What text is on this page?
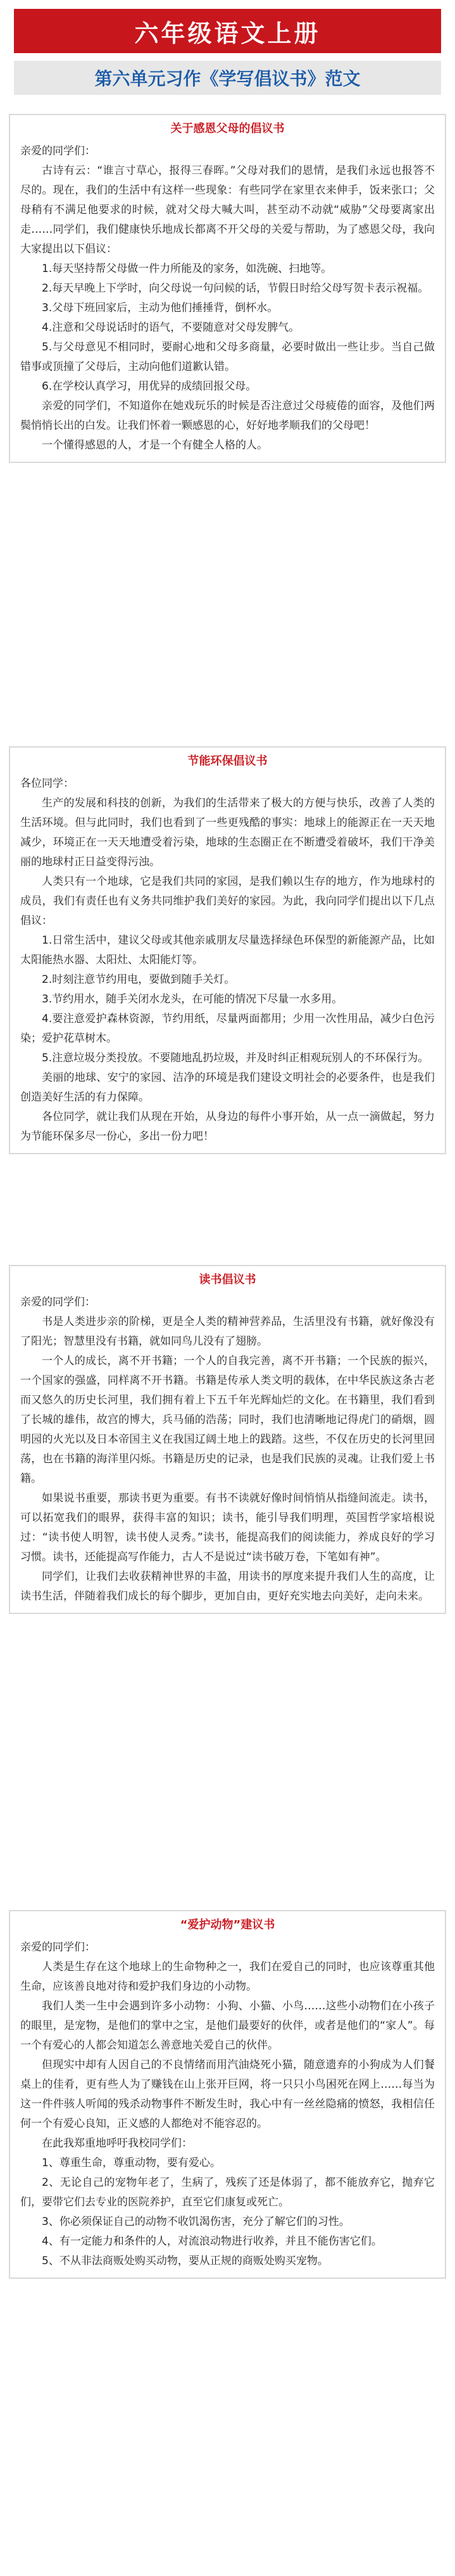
六年级语文上册
第六单元习作《学写倡议书》范文
关于感恩父母的倡议书

亲爱的同学们：

古诗有云：“谁言寸草心，报得三春晖。”父母对我们的恩情，是我们永远也报答不尽的。现在，我们的生活中有这样一些现象：有些同学在家里衣来伸手，饭来张口；父母稍有不满足他要求的时候，就对父母大喊大叫，甚至动不动就“威胁”父母要离家出走……同学们，我们健康快乐地成长都离不开父母的关爱与帮助，为了感恩父母，我向大家提出以下倡议：

1.每天坚持帮父母做一件力所能及的家务，如洗碗、扫地等。

2.每天早晚上下学时，向父母说一句问候的话，节假日时给父母写贺卡表示祝福。

3.父母下班回家后，主动为他们捶捶背，倒杯水。

4.注意和父母说话时的语气，不要随意对父母发脾气。

5.与父母意见不相同时，要耐心地和父母多商量，必要时做出一些让步。当自己做错事或顶撞了父母后，主动向他们道歉认错。

6.在学校认真学习，用优异的成绩回报父母。

亲爱的同学们，不知道你在她戏玩乐的时候是否注意过父母疲倦的面容，及他们两鬓悄悄长出的白发。让我们怀着一颗感恩的心，好好地孝顺我们的父母吧！

一个懂得感恩的人，才是一个有健全人格的人。

节能环保倡议书

各位同学：

生产的发展和科技的创新，为我们的生活带来了极大的方便与快乐，改善了人类的生活环境。但与此同时，我们也看到了一些更残酷的事实：地球上的能源正在一天天地减少，环境正在一天天地遭受着污染，地球的生态圈正在不断遭受着破坏，我们干净美丽的地球村正日益变得污浊。

人类只有一个地球，它是我们共同的家园，是我们赖以生存的地方，作为地球村的成员，我们有责任也有义务共同维护我们美好的家园。为此，我向同学们提出以下几点倡议：

1.日常生活中，建议父母或其他亲戚朋友尽量选择绿色环保型的新能源产品，比如太阳能热水器、太阳灶、太阳能灯等。

2.时刻注意节约用电，要做到随手关灯。

3.节约用水，随手关闭水龙头，在可能的情况下尽量一水多用。

4.要注意爱护森林资源，节约用纸，尽量两面都用；少用一次性用品，减少白色污染；爱护花草树木。

5.注意垃圾分类投放。不要随地乱扔垃圾，并及时纠正相观玩别人的不环保行为。

美丽的地球、安宁的家园、洁净的环境是我们建设文明社会的必要条件，也是我们创造美好生活的有力保障。

各位同学，就让我们从现在开始，从身边的每件小事开始，从一点一滴做起，努力为节能环保多尽一份心，多出一份力吧！

读书倡议书

亲爱的同学们：

书是人类进步亲的阶梯，更是全人类的精神营养品，生活里没有书籍，就好像没有了阳光；智慧里没有书籍，就如同鸟儿没有了翅膀。

一个人的成长，离不开书籍；一个人的自我完善，离不开书籍；一个民族的振兴，一个国家的强盛，同样离不开书籍。书籍是传承人类文明的载体，在中华民族这条古老而又悠久的历史长河里，我们拥有着上下五千年光辉灿烂的文化。在书籍里，我们看到了长城的雄伟，故宫的博大，兵马俑的浩荡；同时，我们也清晰地记得虎门的硝烟，圆明园的火光以及日本帝国主义在我国辽阔土地上的践踏。这些，不仅在历史的长河里回荡，也在书籍的海洋里闪烁。书籍是历史的记录，也是我们民族的灵魂。让我们爱上书籍。

如果说书重要，那读书更为重要。有书不读就好像时间悄悄从指缝间流走。读书，可以拓宽我们的眼界，获得丰富的知识；读书，能引导我们明理，英国哲学家培根说过：“读书使人明智，读书使人灵秀。”读书，能提高我们的阅读能力，养成良好的学习习惯。读书，还能提高写作能力，古人不是说过“读书破万卷，下笔如有神”。

同学们，让我们去收获精神世界的丰盈，用读书的厚度来提升我们人生的高度，让读书生活，伴随着我们成长的每个脚步，更加自由，更好充实地去向美好，走向未来。

“爱护动物”建议书

亲爱的同学们：

人类是生存在这个地球上的生命物种之一，我们在爱自己的同时，也应该尊重其他生命，应该善良地对待和爱护我们身边的小动物。

我们人类一生中会遇到许多小动物：小狗、小猫、小鸟……这些小动物们在小孩子的眼里，是宠物，是他们的掌中之宝，是他们最要好的伙伴，或者是他们的“家人”。每一个有爱心的人都会知道怎么善意地关爱自己的伙伴。

但现实中却有人因自己的不良情绪而用汽油烧死小猫，随意遗弃的小狗成为人们餐桌上的佳肴，更有些人为了赚钱在山上张开巨网，将一只只小鸟困死在网上……每当为这一件件骇人听闻的残杀动物事件不断发生时，我心中有一丝丝隐痛的愤怒，我相信任何一个有爱心良知，正义感的人都绝对不能容忍的。

在此我郑重地呼吁我校同学们：

1、尊重生命，尊重动物，要有爱心。

2、无论自己的宠物年老了，生病了，残疾了还是体弱了，都不能放弃它，抛弃它们，要带它们去专业的医院养护，直至它们康复或死亡。

3、你必须保证自己的动物不收饥渴伤害，充分了解它们的习性。

4、有一定能力和条件的人，对流浪动物进行收养，并且不能伤害它们。

5、不从非法商贩处购买动物，要从正规的商贩处购买宠物。
